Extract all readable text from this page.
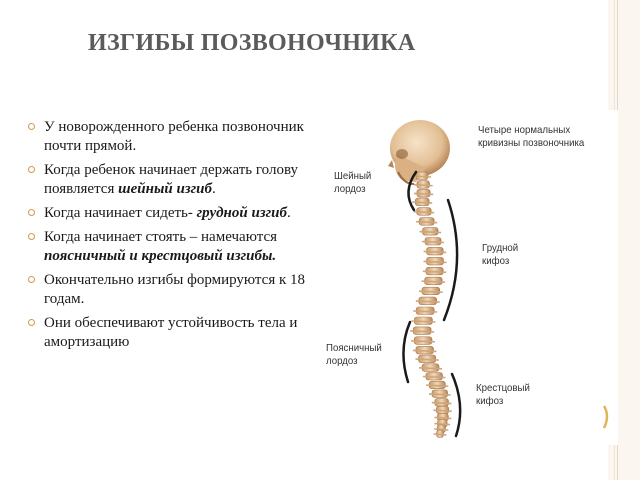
ИЗГИБЫ ПОЗВОНОЧНИКА
У новорожденного ребенка позвоночник почти прямой.
Когда ребенок начинает держать голову появляется шейный изгиб.
Когда начинает сидеть- грудной изгиб.
Когда начинает стоять – намечаются поясничный и крестцовый изгибы.
Окончательно изгибы формируются к 18 годам.
Они обеспечивают устойчивость тела и амортизацию
Четыре нормальных
кривизны позвоночника
Шейный
лордоз
Грудной
кифоз
Поясничный
лордоз
Крестцовый
кифоз
